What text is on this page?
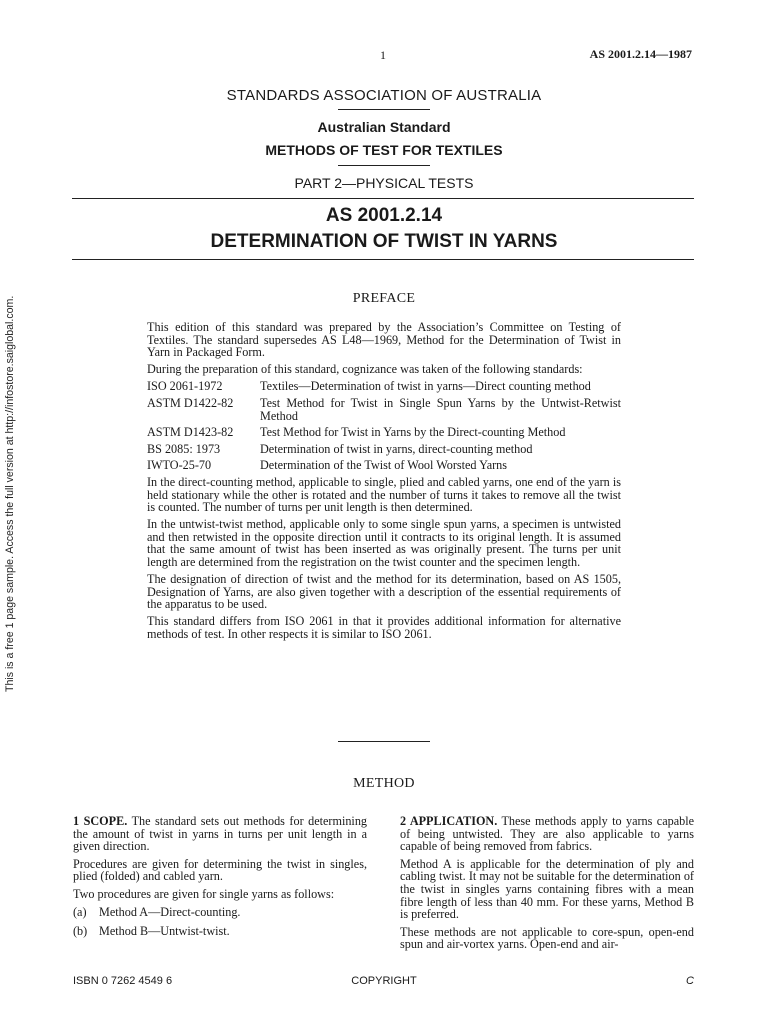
This is a free 1 page sample. Access the full version at http://infostore.saiglobal.com.
1	AS 2001.2.14—1987
STANDARDS ASSOCIATION OF AUSTRALIA
Australian Standard
METHODS OF TEST FOR TEXTILES
PART 2—PHYSICAL TESTS
AS 2001.2.14
DETERMINATION OF TWIST IN YARNS
PREFACE

This edition of this standard was prepared by the Association’s Committee on Testing of Textiles. The standard supersedes AS L48—1969, Method for the Determination of Twist in Yarn in Packaged Form.

During the preparation of this standard, cognizance was taken of the following standards:

ISO 2061-1972	Textiles—Determination of twist in yarns—Direct counting method
ASTM D1422-82	Test Method for Twist in Single Spun Yarns by the Untwist-Retwist Method
ASTM D1423-82	Test Method for Twist in Yarns by the Direct-counting Method
BS 2085: 1973	Determination of twist in yarns, direct-counting method
IWTO-25-70	Determination of the Twist of Wool Worsted Yarns

In the direct-counting method, applicable to single, plied and cabled yarns, one end of the yarn is held stationary while the other is rotated and the number of turns it takes to remove all the twist is counted. The number of turns per unit length is then determined.

In the untwist-twist method, applicable only to some single spun yarns, a specimen is untwisted and then retwisted in the opposite direction until it contracts to its original length. It is assumed that the same amount of twist has been inserted as was originally present. The turns per unit length are determined from the registration on the twist counter and the specimen length.

The designation of direction of twist and the method for its determination, based on AS 1505, Designation of Yarns, are also given together with a description of the essential requirements of the apparatus to be used.

This standard differs from ISO 2061 in that it provides additional information for alternative methods of test. In other respects it is similar to ISO 2061.

METHOD

1 SCOPE. The standard sets out methods for determining the amount of twist in yarns in turns per unit length in a given direction.

Procedures are given for determining the twist in singles, plied (folded) and cabled yarn.

Two procedures are given for single yarns as follows:

(a)	Method A—Direct-counting.
(b) Method B—Untwist-twist.

2 APPLICATION. These methods apply to yarns capable of being untwisted. They are also applicable to yarns capable of being removed from fabrics.

Method A is applicable for the determination of ply and cabling twist. It may not be suitable for the determination of the twist in singles yarns containing fibres with a mean fibre length of less than 40 mm. For these yarns, Method B is preferred.

These methods are not applicable to core-spun, open-end spun and air-vortex yarns. Open-end and air-

ISBN 0 7262 4549 6	COPYRIGHT	C
